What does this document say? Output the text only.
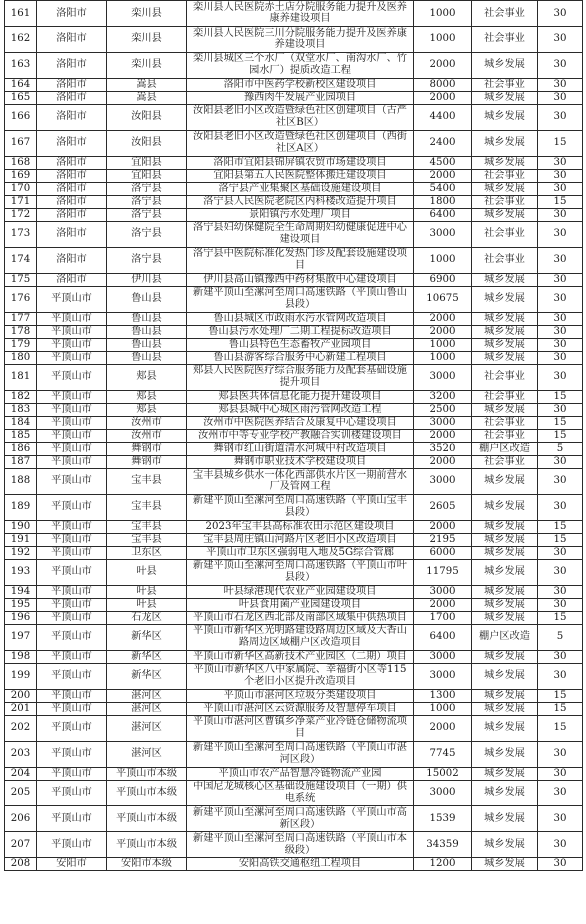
161	洛阳市	栾川县	栾川县人民医院赤土店分院服务能力提升及医养康养建设项目	1000	社会事业	30
162	洛阳市	栾川县	栾川县人民医院三川分院服务能力提升及医养康养建设项目	1000	社会事业	30
163	洛阳市	栾川县	栾川县城区三个水厂（双堂水厂、南沟水厂、竹园水厂）提质改造工程	2000	城乡发展	30
164	洛阳市	嵩县	洛阳市中医药学校新校区建设项目	8000	社会事业	30
165	洛阳市	嵩县	豫西肉牛发展产业园项目	2000	城乡发展	30
166	洛阳市	汝阳县	汝阳县老旧小区改造暨绿色社区创建项目（古严社区B区）	4400	城乡发展	30
167	洛阳市	汝阳县	汝阳县老旧小区改造暨绿色社区创建项目（西街社区A区）	2400	城乡发展	15
168	洛阳市	宜阳县	洛阳市宜阳县锦屏镇农贸市场建设项目	4500	城乡发展	30
169	洛阳市	宜阳县	宜阳县第五人民医院整体搬迁建设项目	2000	社会事业	30
170	洛阳市	洛宁县	洛宁县产业集聚区基础设施建设项目	5400	城乡发展	30
171	洛阳市	洛宁县	洛宁县人民医院老院区内科楼改造提升项目	1800	社会事业	15
172	洛阳市	洛宁县	景阳镇污水处理厂项目	6400	城乡发展	30
173	洛阳市	洛宁县	洛宁县妇幼保健院全生命周期妇幼健康促进中心建设项目	3000	社会事业	30
174	洛阳市	洛宁县	洛宁县中医院标准化发热门诊及配套设施建设项目	1000	社会事业	30
175	洛阳市	伊川县	伊川县高山镇豫西中药材集散中心建设项目	6900	城乡发展	30
176	平顶山市	鲁山县	新建平顶山至漯河至周口高速铁路（平顶山鲁山县段）	10675	城乡发展	30
177	平顶山市	鲁山县	鲁山县城区市政雨水污水管网改造项目	2000	城乡发展	30
178	平顶山市	鲁山县	鲁山县污水处理厂二期工程提标改造项目	2000	城乡发展	30
179	平顶山市	鲁山县	鲁山县特色生态畜牧产业园项目	1000	城乡发展	30
180	平顶山市	鲁山县	鲁山县游客综合服务中心新建工程项目	1000	城乡发展	30
181	平顶山市	郏县	郏县人民医院医疗综合服务能力及配套基础设施提升项目	3000	社会事业	30
182	平顶山市	郏县	郏县医共体信息化能力提升建设项目	3200	社会事业	15
183	平顶山市	郏县	郏县县城中心城区雨污管网改造工程	2500	城乡发展	30
184	平顶山市	汝州市	汝州市中医院医养结合及康复中心建设项目	3000	社会事业	15
185	平顶山市	汝州市	汝州市中等专业学校产教融合实训楼建设项目	2000	社会事业	15
186	平顶山市	舞钢市	舞钢市红山街道清水河城中村改造项目	3520	棚户区改造	5
187	平顶山市	舞钢市	舞钢市职业技术学校建设项目	2000	社会事业	30
188	平顶山市	宝丰县	宝丰县城乡供水一体化西部供水片区一期前营水厂及管网工程	3000	城乡发展	30
189	平顶山市	宝丰县	新建平顶山至漯河至周口高速铁路（平顶山宝丰县段）	2605	城乡发展	30
190	平顶山市	宝丰县	2023年宝丰县高标准农田示范区建设项目	2000	城乡发展	15
191	平顶山市	宝丰县	宝丰县周庄镇山河路片区老旧小区改造项目	2195	城乡发展	15
192	平顶山市	卫东区	平顶山市卫东区强弱电入地及5G综合管廊	6000	城乡发展	30
193	平顶山市	叶县	新建平顶山至漯河至周口高速铁路（平顶山市叶县段）	11795	城乡发展	30
194	平顶山市	叶县	叶县绿港现代农业产业园建设项目	3000	城乡发展	30
195	平顶山市	叶县	叶县食用菌产业园建设项目	2000	城乡发展	30
196	平顶山市	石龙区	平顶山市石龙区西北部及南部区域集中供热项目	1700	城乡发展	15
197	平顶山市	新华区	平顶山市新华区光明路建设路周边区域及大香山路周边区域棚户区改造项目	6400	棚户区改造	5
198	平顶山市	新华区	平顶山市新华区高新技术产业园区（二期）项目	3000	城乡发展	30
199	平顶山市	新华区	平顶山市新华区八中家属院、幸福街小区等115个老旧小区提升改造项目	3000	城乡发展	30
200	平顶山市	湛河区	平顶山市湛河区垃圾分类建设项目	1300	城乡发展	15
201	平顶山市	湛河区	平顶山市湛河区云资源服务及智慧停车项目	1000	城乡发展	15
202	平顶山市	湛河区	平顶山市湛河区曹镇乡净菜产业冷链仓储物流项目	2000	城乡发展	15
203	平顶山市	湛河区	新建平顶山至漯河至周口高速铁路（平顶山市湛河区段）	7745	城乡发展	30
204	平顶山市	平顶山市本级	平顶山市农产品智慧冷链物流产业园	15002	城乡发展	30
205	平顶山市	平顶山市本级	中国尼龙城核心区基础设施建设项目（一期）供电系统	3000	城乡发展	30
206	平顶山市	平顶山市本级	新建平顶山至漯河至周口高速铁路（平顶山市高新区段）	1539	城乡发展	30
207	平顶山市	平顶山市本级	新建平顶山至漯河至周口高速铁路（平顶山市本级段）	34359	城乡发展	30
208	安阳市	安阳市本级	安阳高铁交通枢纽工程项目	1200	城乡发展	30
